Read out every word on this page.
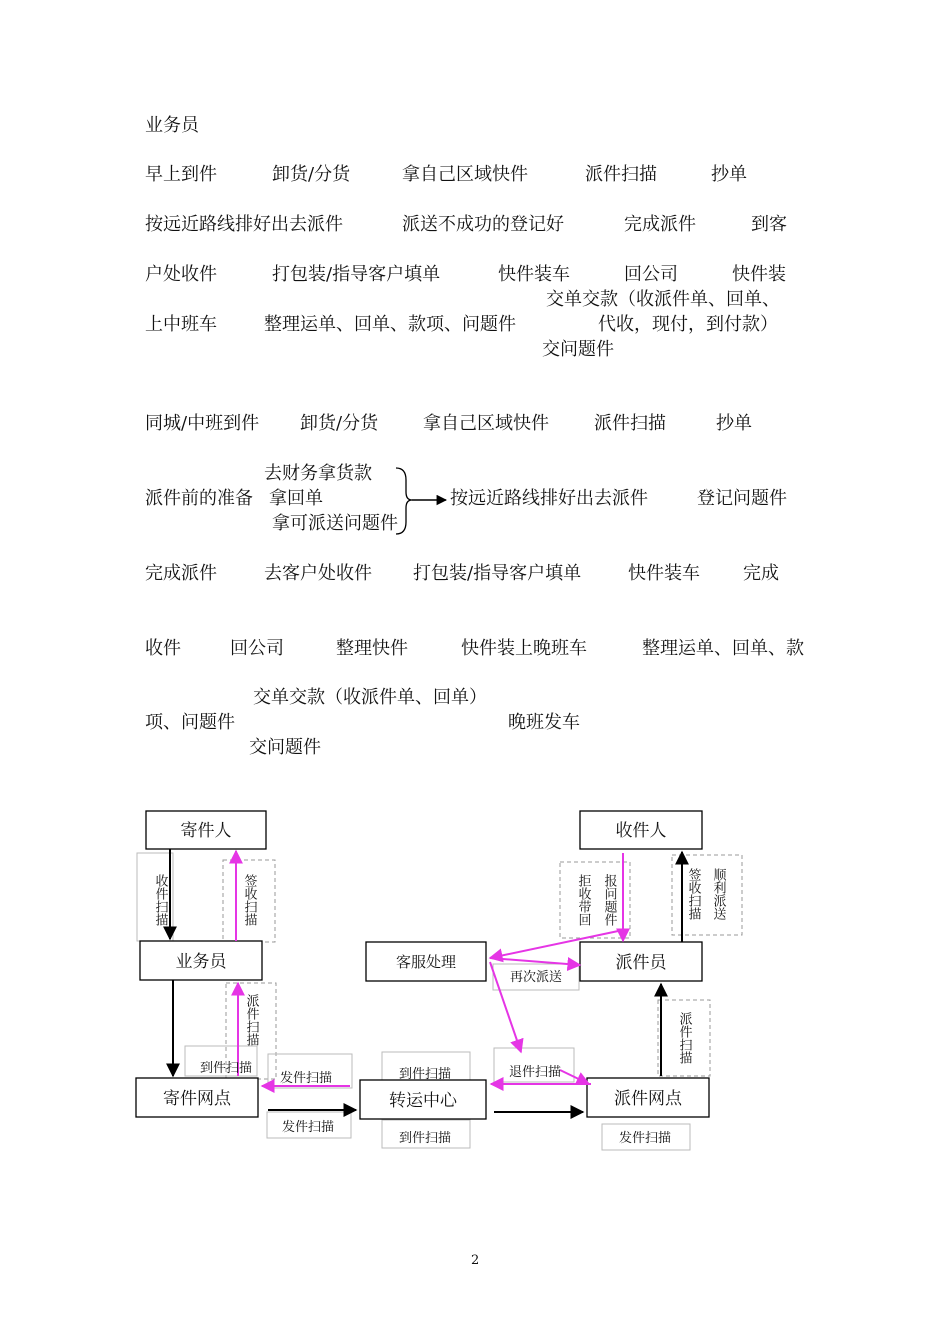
业务员
早上到件	卸货/分货	拿自己区域快件	派件扫描	抄单
按远近路线排好出去派件	派送不成功的登记好	完成派件	到客
户处收件	打包装/指导客户填单	快件装车	回公司	快件装
交单交款（收派件单、回单、
上中班车	整理运单、回单、款项、问题件	代收，现付，到付款）
交问题件
同城/中班到件 卸货/分货 拿自己区域快件	派件扫描	抄单
去财务拿货款
派件前的准备 拿回单
拿可派送问题件
按远近路线排好出去派件	登记问题件
完成派件	去客户处收件 打包装/指导客户填单	快件装车 完成
收件	回公司	整理快件	快件装上晚班车	整理运单、回单、款
交单交款（收派件单、回单）
项、问题件	晚班发车
交问题件
寄件人	收件人
业务员	客服处理	派件员
寄件网点	转运中心	派件网点
收件扫描	签收扫描	拒收带回 报问题件	签收扫描 顺利派送
派件扫描	派件扫描
再次派送
到件扫描
发件扫描	到件扫描	退件扫描
发件扫描
到件扫描	发件扫描
2
